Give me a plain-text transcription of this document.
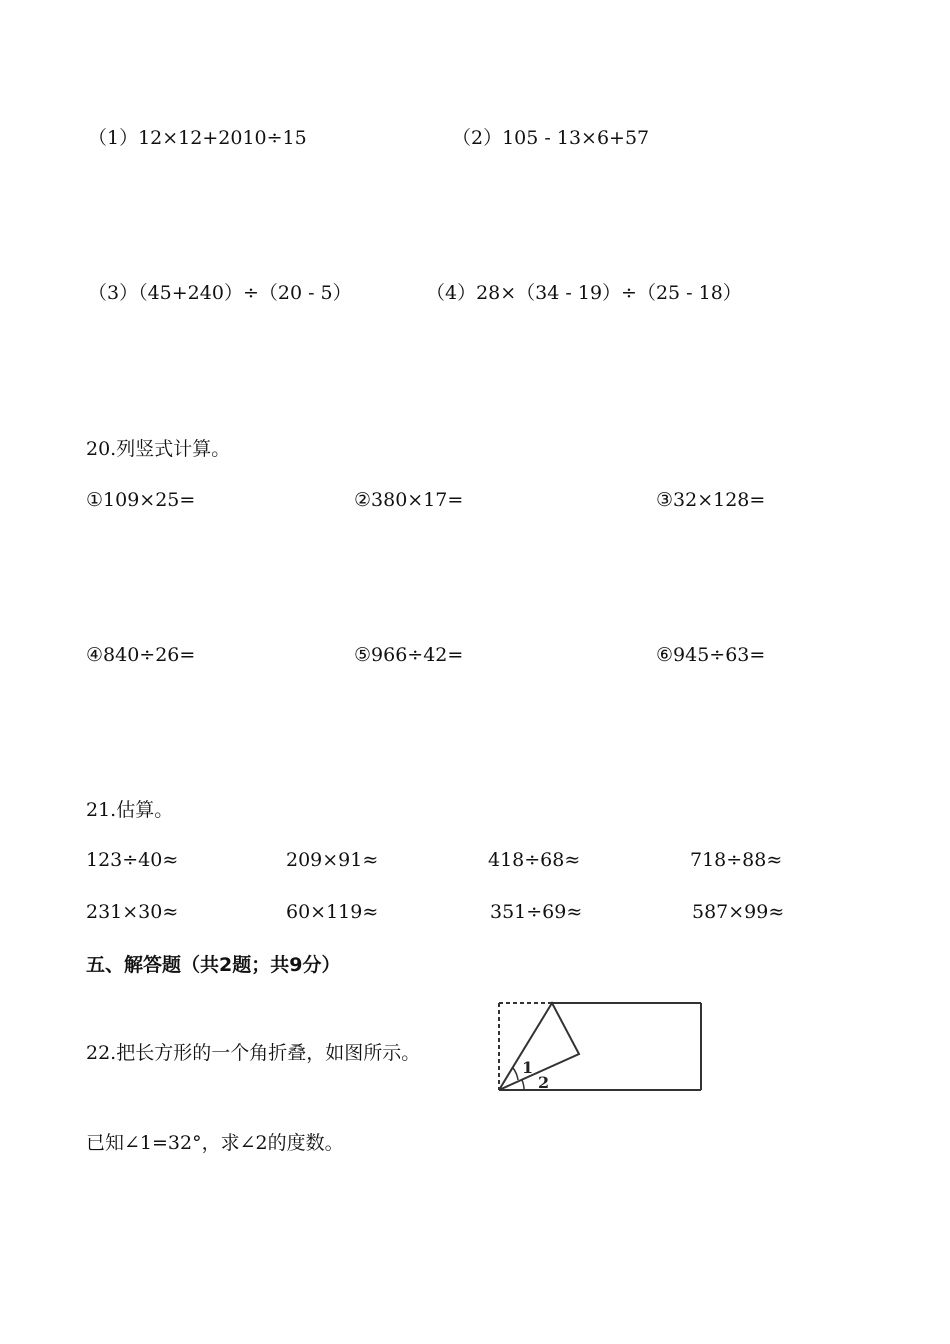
（1）12×12+2010÷15	（2）105 - 13×6+57
（3）（45+240）÷（20 - 5）	（4）28×（34 - 19）÷（25 - 18）
20.列竖式计算。
①109×25=	②380×17=	③32×128=
④840÷26=	⑤966÷42=	⑥945÷63=
21.估算。
123÷40≈	209×91≈	418÷68≈	718÷88≈
231×30≈	60×119≈	351÷69≈	587×99≈
五、解答题（共2题；共9分）
22.把长方形的一个角折叠，如图所示。
1
2
已知∠1=32°，求∠2的度数。
